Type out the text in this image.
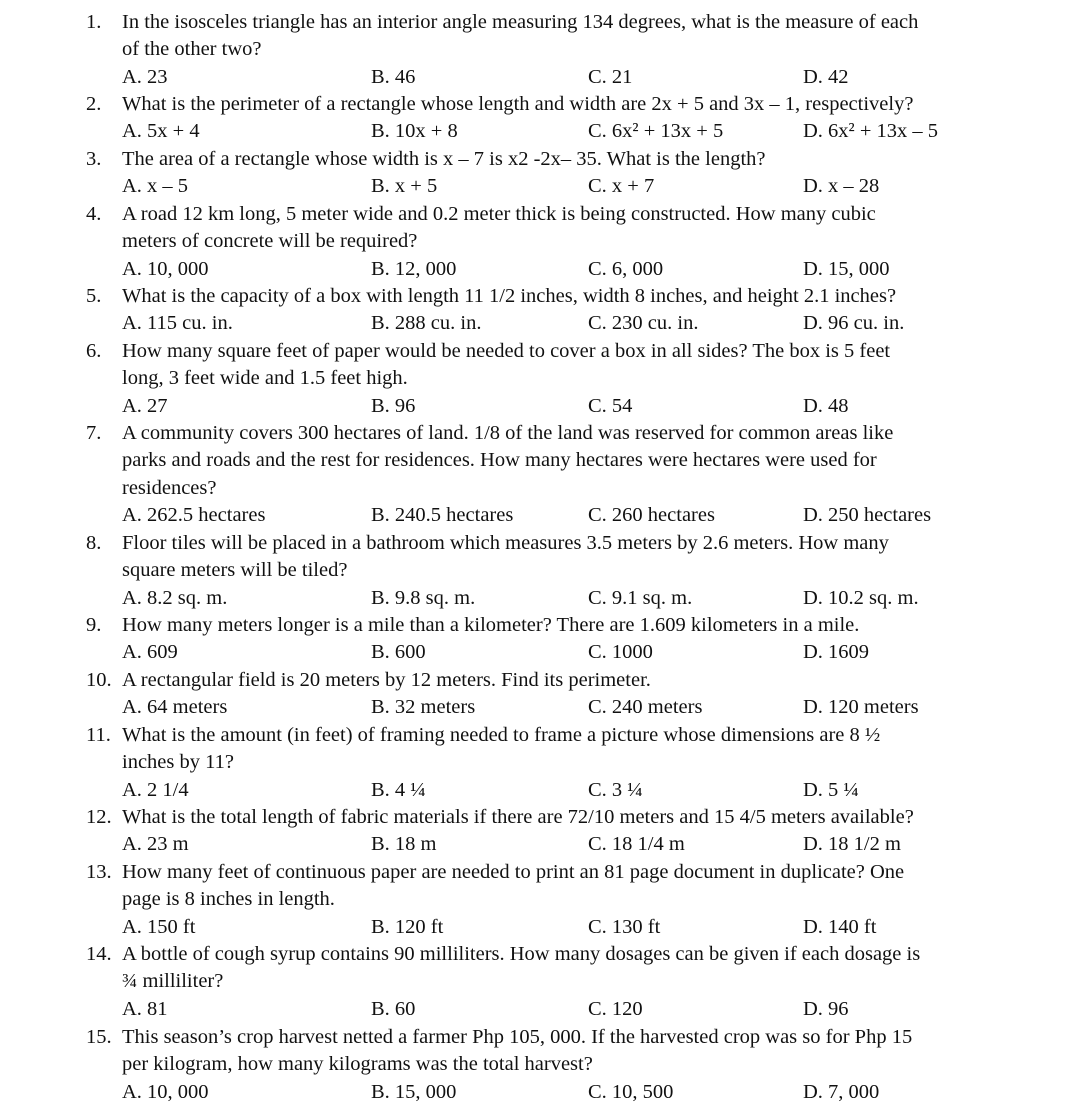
1. In the isosceles triangle has an interior angle measuring 134 degrees, what is the measure of each
of the other two?
A. 23	B. 46	C. 21	D. 42
2. What is the perimeter of a rectangle whose length and width are 2x + 5 and 3x – 1, respectively?
A. 5x + 4	B. 10x + 8	C. 6x² + 13x + 5	D. 6x² + 13x – 5
3. The area of a rectangle whose width is x – 7 is x2 -2x– 35. What is the length?
A. x – 5	B. x + 5	C. x + 7	D. x – 28
4. A road 12 km long, 5 meter wide and 0.2 meter thick is being constructed. How many cubic
meters of concrete will be required?
A. 10, 000	B. 12, 000	C. 6, 000	D. 15, 000
5. What is the capacity of a box with length 11 1/2 inches, width 8 inches, and height 2.1 inches?
A. 115 cu. in.	B. 288 cu. in.	C. 230 cu. in.	D. 96 cu. in.
6. How many square feet of paper would be needed to cover a box in all sides? The box is 5 feet
long, 3 feet wide and 1.5 feet high.
A. 27	B. 96	C. 54	D. 48
7. A community covers 300 hectares of land. 1/8 of the land was reserved for common areas like
parks and roads and the rest for residences. How many hectares were hectares were used for
residences?
A. 262.5 hectares	B. 240.5 hectares	C. 260 hectares	D. 250 hectares
8. Floor tiles will be placed in a bathroom which measures 3.5 meters by 2.6 meters. How many
square meters will be tiled?
A. 8.2 sq. m.	B. 9.8 sq. m.	C. 9.1 sq. m.	D. 10.2 sq. m.
9. How many meters longer is a mile than a kilometer? There are 1.609 kilometers in a mile.
A. 609	B. 600	C. 1000	D. 1609
10. A rectangular field is 20 meters by 12 meters. Find its perimeter.
A. 64 meters	B. 32 meters	C. 240 meters	D. 120 meters
11. What is the amount (in feet) of framing needed to frame a picture whose dimensions are 8 ½
inches by 11?
A. 2 1/4	B. 4 ¼	C. 3 ¼	D. 5 ¼
12. What is the total length of fabric materials if there are 72/10 meters and 15 4/5 meters available?
A. 23 m	B. 18 m	C. 18 1/4 m	D. 18 1/2 m
13. How many feet of continuous paper are needed to print an 81 page document in duplicate? One
page is 8 inches in length.
A. 150 ft	B. 120 ft	C. 130 ft	D. 140 ft
14. A bottle of cough syrup contains 90 milliliters. How many dosages can be given if each dosage is
¾ milliliter?
A. 81	B. 60	C. 120	D. 96
15. This season’s crop harvest netted a farmer Php 105, 000. If the harvested crop was so for Php 15
per kilogram, how many kilograms was the total harvest?
A. 10, 000	B. 15, 000	C. 10, 500	D. 7, 000
